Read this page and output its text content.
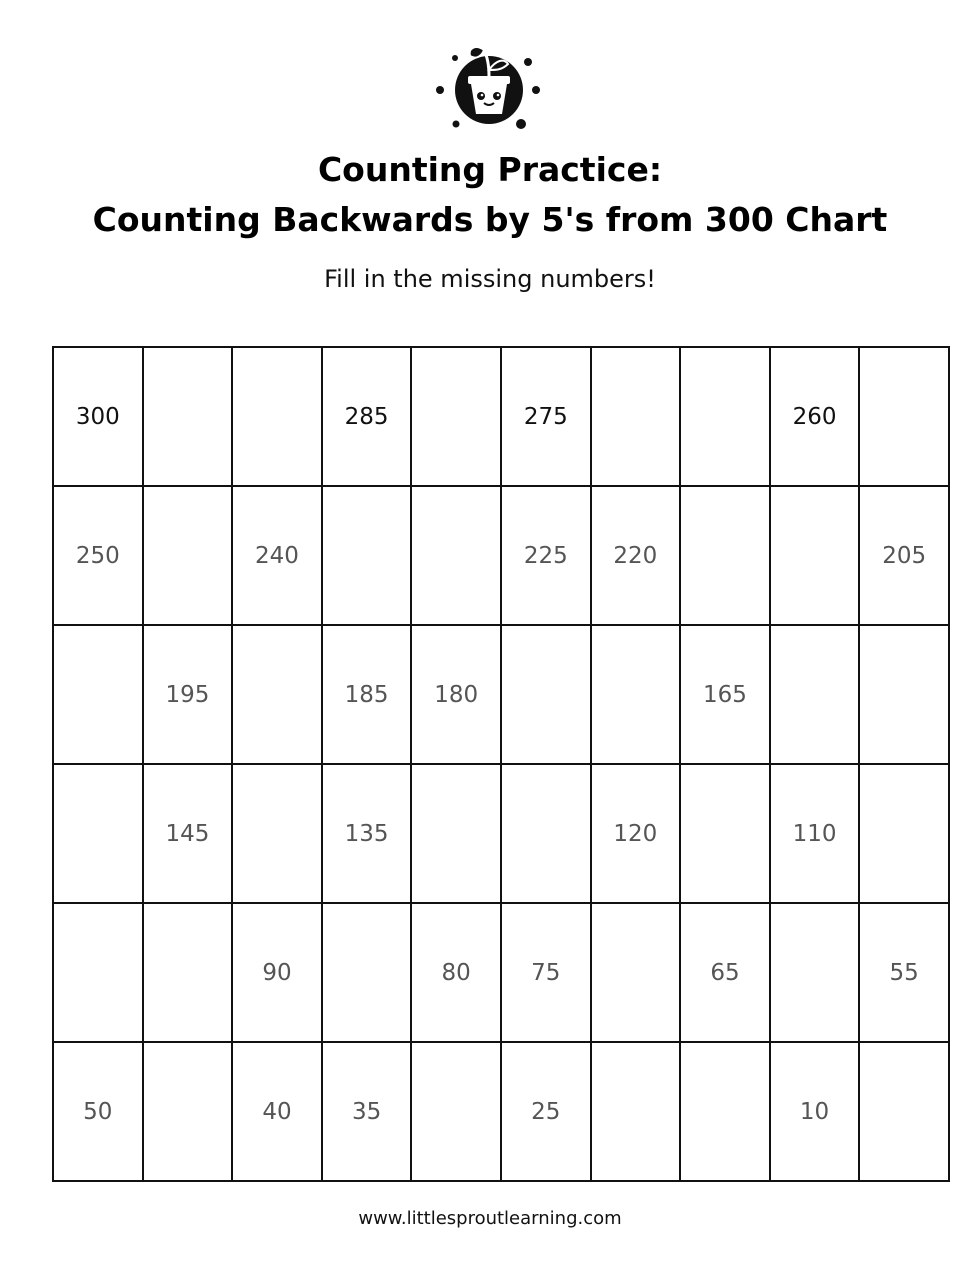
Counting Practice:
Counting Backwards by 5's from 300 Chart
Fill in the missing numbers!
300			285		275			260	
250		240			225	220			205
	195		185	180			165		
	145		135			120		110	
		90		80	75		65		55
50		40	35		25			10	
www.littlesproutlearning.com
